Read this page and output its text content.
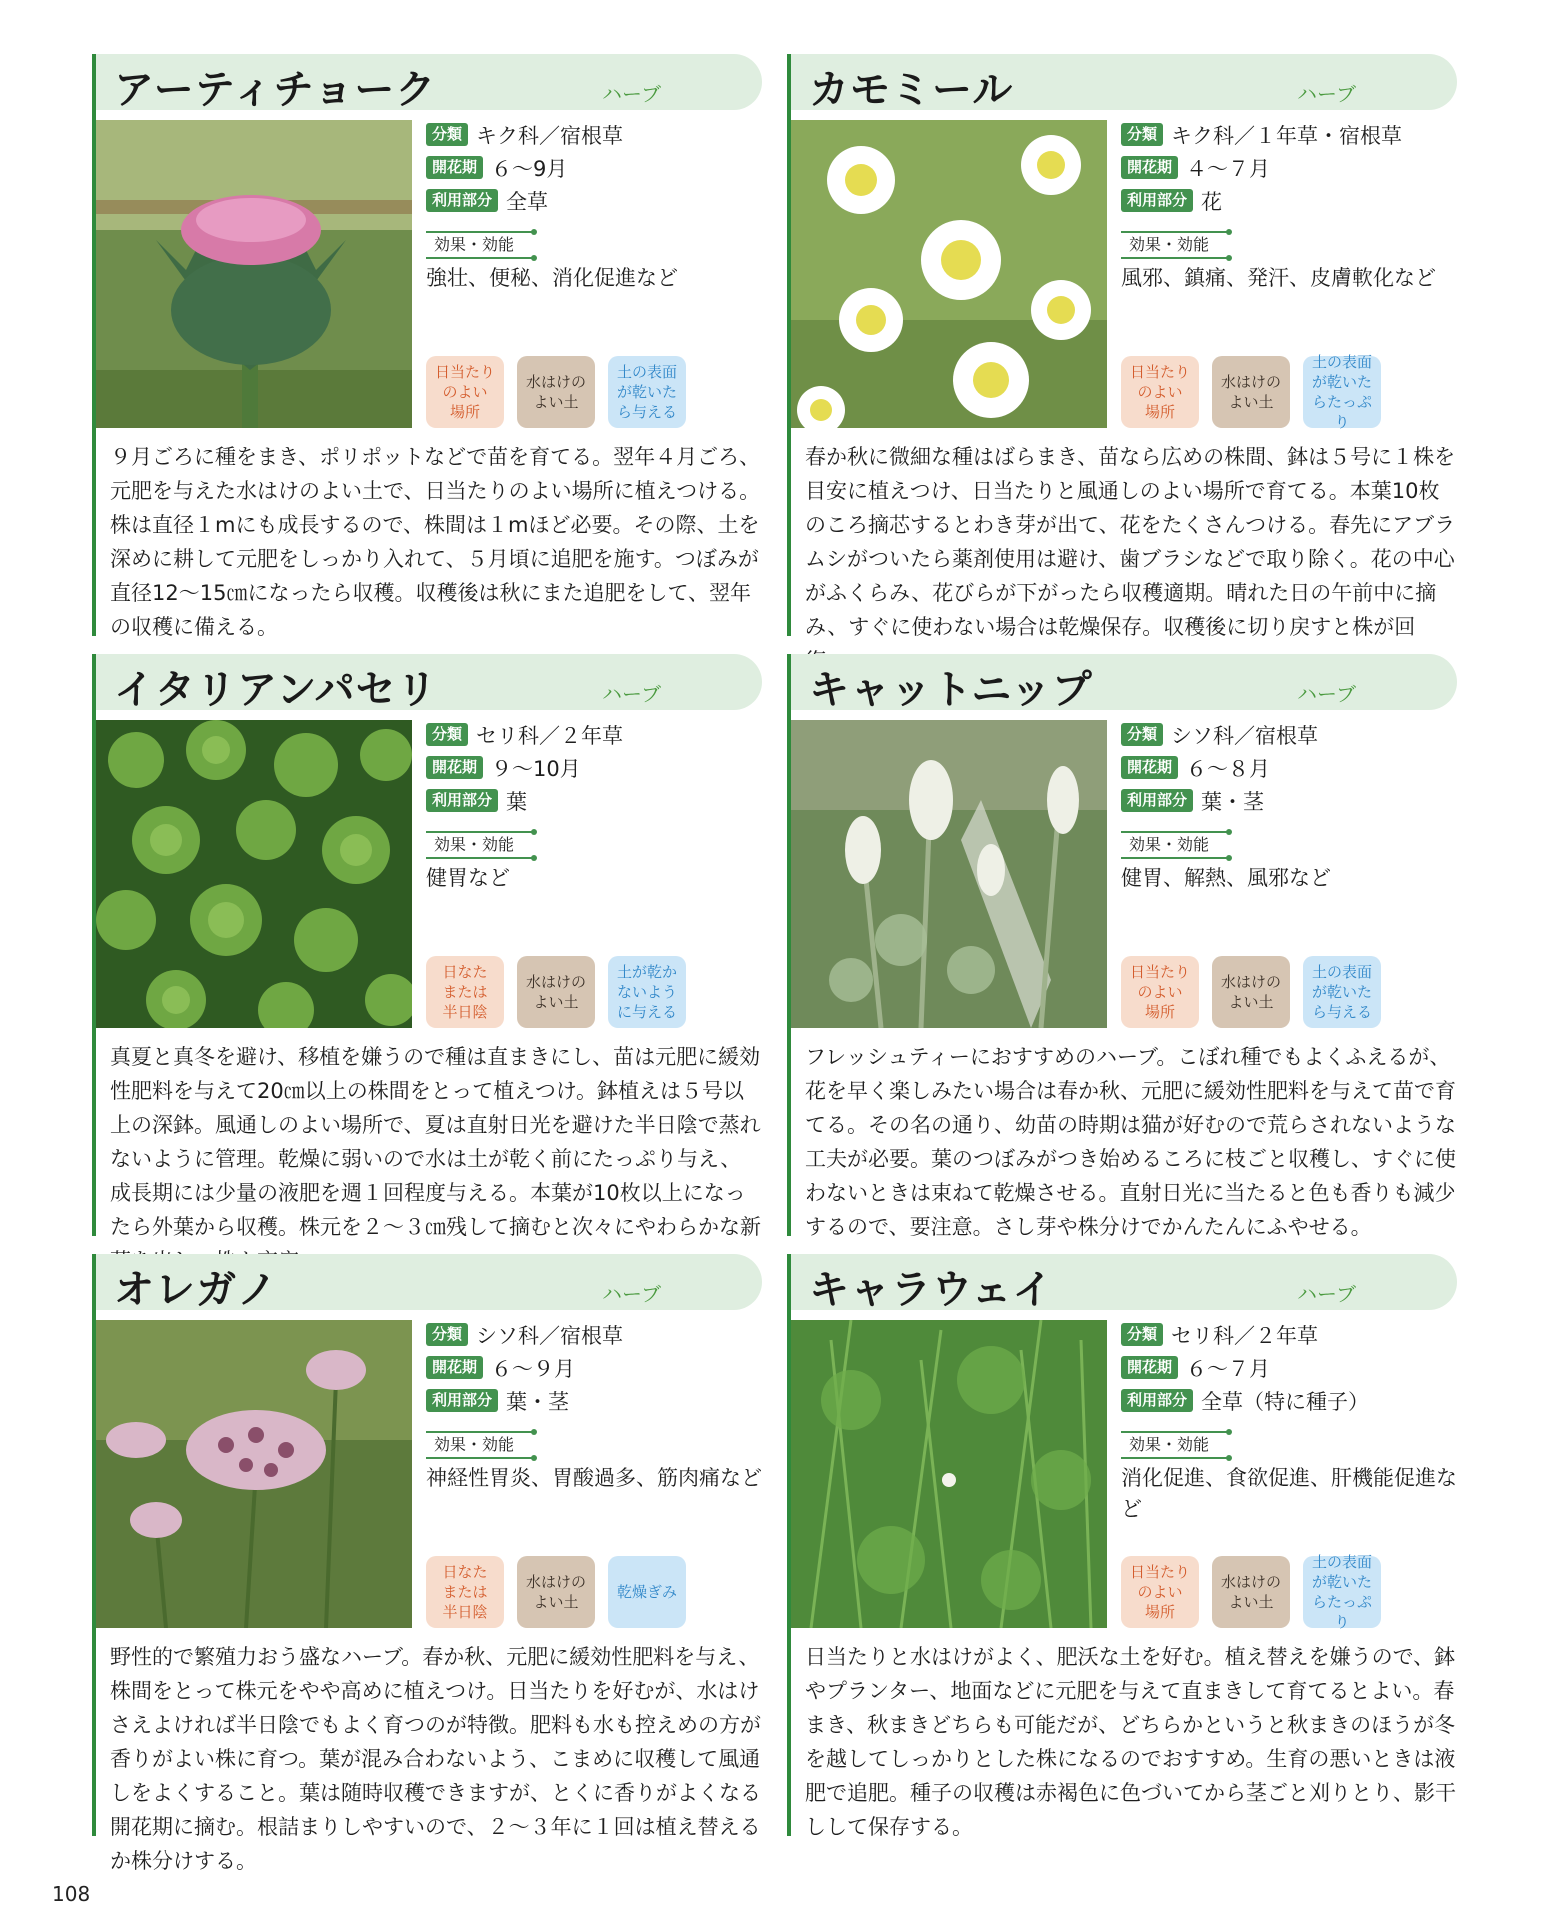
アーティチョーク	ハーブ
分類 キク科／宿根草
開花期 ６〜9月
利用部分 全草
効果・効能
強壮、便秘、消化促進など
日当たり
のよい
場所
水はけの
よい土
土の表面
が乾いた
ら与える

９月ごろに種をまき、ポリポットなどで苗を育てる。翌年４月ごろ、元肥を与えた水はけのよい土で、日当たりのよい場所に植えつける。株は直径１mにも成長するので、株間は１mほど必要。その際、土を深めに耕して元肥をしっかり入れて、５月頃に追肥を施す。つぼみが直径12〜15㎝になったら収穫。収穫後は秋にまた追肥をして、翌年の収穫に備える。

カモミール	ハーブ
分類 キク科／１年草・宿根草
開花期 ４〜７月
利用部分 花
効果・効能
風邪、鎮痛、発汗、皮膚軟化など
日当たり
のよい
場所
水はけの
よい土
土の表面
が乾いた
らたっぷり

春か秋に微細な種はばらまき、苗なら広めの株間、鉢は５号に１株を目安に植えつけ、日当たりと風通しのよい場所で育てる。本葉10枚のころ摘芯するとわき芽が出て、花をたくさんつける。春先にアブラムシがついたら薬剤使用は避け、歯ブラシなどで取り除く。花の中心がふくらみ、花びらが下がったら収穫適期。晴れた日の午前中に摘み、すぐに使わない場合は乾燥保存。収穫後に切り戻すと株が回

イタリアンパセリ	ハーブ
分類 セリ科／２年草
開花期 ９〜10月
利用部分 葉
効果・効能
健胃など
日なた
または
半日陰
水はけの
よい土
土が乾か
ないよう
に与える

真夏と真冬を避け、移植を嫌うので種は直まきにし、苗は元肥に緩効性肥料を与えて20㎝以上の株間をとって植えつけ。鉢植えは５号以上の深鉢。風通しのよい場所で、夏は直射日光を避けた半日陰で蒸れないように管理。乾燥に弱いので水は土が乾く前にたっぷり与え、成長期には少量の液肥を週１回程度与える。本葉が10枚以上になったら外葉から収穫。株元を２〜３㎝残して摘むと次々にやわらかな新

キャットニップ	ハーブ
分類 シソ科／宿根草
開花期 ６〜８月
利用部分 葉・茎
効果・効能
健胃、解熱、風邪など
日当たり
のよい
場所
水はけの
よい土
土の表面
が乾いた
ら与える

フレッシュティーにおすすめのハーブ。こぼれ種でもよくふえるが、花を早く楽しみたい場合は春か秋、元肥に緩効性肥料を与えて苗で育てる。その名の通り、幼苗の時期は猫が好むので荒らされないような工夫が必要。葉のつぼみがつき始めるころに枝ごと収穫し、すぐに使わないときは束ねて乾燥させる。直射日光に当たると色も香りも減少するので、要注意。さし芽や株分けでかんたんにふやせる。

オレガノ	ハーブ
分類 シソ科／宿根草
開花期 ６〜９月
利用部分 葉・茎
効果・効能
神経性胃炎、胃酸過多、筋肉痛など
日なた
または
半日陰
水はけの
よい土
乾燥ぎみ

野性的で繁殖力おう盛なハーブ。春か秋、元肥に緩効性肥料を与え、株間をとって株元をやや高めに植えつけ。日当たりを好むが、水はけさえよければ半日陰でもよく育つのが特徴。肥料も水も控えめの方が香りがよい株に育つ。葉が混み合わないよう、こまめに収穫して風通しをよくすること。葉は随時収穫できますが、とくに香りがよくなる開花期に摘む。根詰まりしやすいので、２〜３年に１回は植え替えるか株分けする。

キャラウェイ	ハーブ
分類 セリ科／２年草
開花期 ６〜７月
利用部分 全草（特に種子）
効果・効能
消化促進、食欲促進、肝機能促進など
日当たり
のよい
場所
水はけの
よい土
土の表面
が乾いた
らたっぷり

日当たりと水はけがよく、肥沃な土を好む。植え替えを嫌うので、鉢やプランター、地面などに元肥を与えて直まきして育てるとよい。春まき、秋まきどちらも可能だが、どちらかというと秋まきのほうが冬を越してしっかりとした株になるのでおすすめ。生育の悪いときは液肥で追肥。種子の収穫は赤褐色に色づいてから茎ごと刈りとり、影干しして保存する。

108
